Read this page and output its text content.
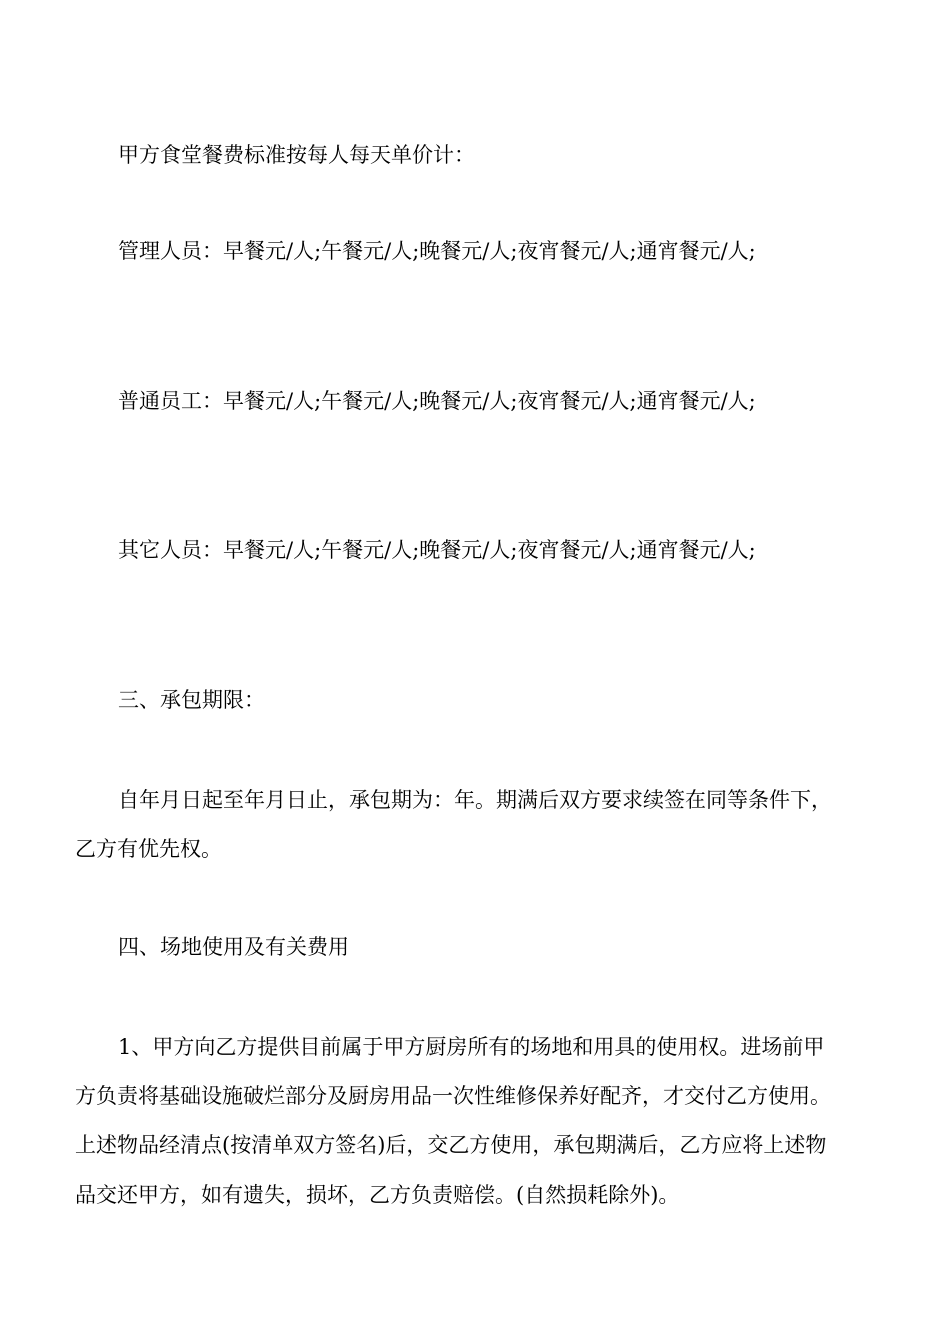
甲方食堂餐费标准按每人每天单价计：

管理人员：早餐元/人;午餐元/人;晚餐元/人;夜宵餐元/人;通宵餐元/人;

普通员工：早餐元/人;午餐元/人;晚餐元/人;夜宵餐元/人;通宵餐元/人;

其它人员：早餐元/人;午餐元/人;晚餐元/人;夜宵餐元/人;通宵餐元/人;

三、承包期限：

自年月日起至年月日止，承包期为：年。期满后双方要求续签在同等条件下，

乙方有优先权。

四、场地使用及有关费用

1、甲方向乙方提供目前属于甲方厨房所有的场地和用具的使用权。进场前甲

方负责将基础设施破烂部分及厨房用品一次性维修保养好配齐，才交付乙方使用。

上述物品经清点(按清单双方签名)后，交乙方使用，承包期满后，乙方应将上述物

品交还甲方，如有遗失，损坏，乙方负责赔偿。(自然损耗除外)。
